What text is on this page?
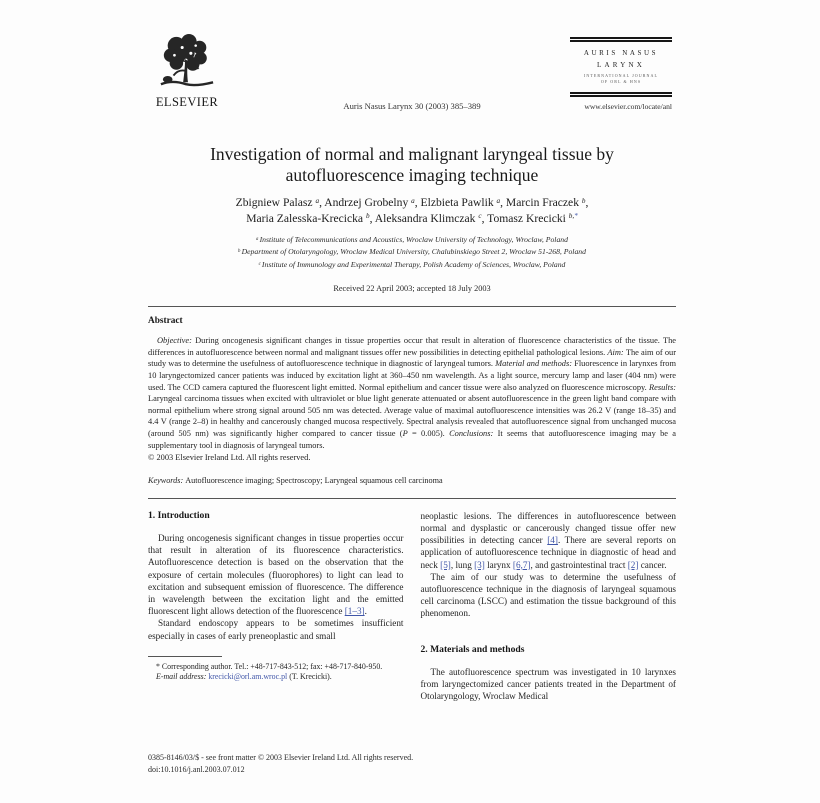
ELSEVIER	Auris Nasus Larynx 30 (2003) 385–389
AURIS NASUS
LARYNX
INTERNATIONAL JOURNAL
OF ORL & HNS
www.elsevier.com/locate/anl
Investigation of normal and malignant laryngeal tissue by autofluorescence imaging technique
Zbigniew Palasz $^a$, Andrzej Grobelny $^a$, Elzbieta Pawlik $^a$, Marcin Fraczek $^b$,
Maria Zalesska-Krecicka $^b$, Aleksandra Klimczak $^c$, Tomasz Krecicki $^{b,*}$
$^a$ Institute of Telecommunications and Acoustics, Wroclaw University of Technology, Wroclaw, Poland
$^b$ Department of Otolaryngology, Wroclaw Medical University, Chalubinskiego Street 2, Wroclaw 51-268, Poland
$^c$ Institute of Immunology and Experimental Therapy, Polish Academy of Sciences, Wroclaw, Poland
Received 22 April 2003; accepted 18 July 2003
Abstract

Objective: During oncogenesis significant changes in tissue properties occur that result in alteration of fluorescence characteristics of the tissue. The differences in autofluorescence between normal and malignant tissues offer new possibilities in detecting epithelial pathological lesions. Aim: The aim of our study was to determine the usefulness of autofluorescence technique in diagnostic of laryngeal tumors. Material and methods: Fluorescence in larynxes from 10 laryngectomized cancer patients was induced by excitation light at 360–450 nm wavelength. As a light source, mercury lamp and laser (404 nm) were used. The CCD camera captured the fluorescent light emitted. Normal epithelium and cancer tissue were also analyzed on fluorescence microscopy. Results: Laryngeal carcinoma tissues when excited with ultraviolet or blue light generate attenuated or absent autofluorescence in the green light band compare with normal epithelium where strong signal around 505 nm was detected. Average value of maximal autofluorescence intensities was 26.2 V (range 18–35) and 4.4 V (range 2–8) in healthy and cancerously changed mucosa respectively. Spectral analysis revealed that autofluorescence signal from unchanged mucosa (around 505 nm) was significantly higher compared to cancer tissue (P = 0.005). Conclusions: It seems that autofluorescence imaging may be a supplementary tool in diagnosis of laryngeal tumors.

© 2003 Elsevier Ireland Ltd. All rights reserved.

Keywords: Autofluorescence imaging; Spectroscopy; Laryngeal squamous cell carcinoma
1. Introduction

During oncogenesis significant changes in tissue properties occur that result in alteration of its fluorescence characteristics. Autofluorescence detection is based on the observation that the exposure of certain molecules (fluorophores) to light can lead to excitation and subsequent emission of fluorescence. The difference in wavelength between the excitation light and the emitted fluorescent light allows detection of the fluorescence [1–3].

Standard endoscopy appears to be sometimes insufficient especially in cases of early preneoplastic and small

* Corresponding author. Tel.: +48-717-843-512; fax: +48-717-840-950.

E-mail address: krecicki@orl.am.wroc.pl (T. Krecicki).

neoplastic lesions. The differences in autofluorescence between normal and dysplastic or cancerously changed tissue offer new possibilities in detecting cancer [4]. There are several reports on application of autofluorescence technique in diagnostic of head and neck [5], lung [3] larynx [6,7], and gastrointestinal tract [2] cancer.

The aim of our study was to determine the usefulness of autofluorescence technique in the diagnosis of laryngeal squamous cell carcinoma (LSCC) and estimation the tissue background of this phenomenon.

2. Materials and methods

The autofluorescence spectrum was investigated in 10 larynxes from laryngectomized cancer patients treated in the Department of Otolaryngology, Wroclaw Medical

0385-8146/03/$ - see front matter © 2003 Elsevier Ireland Ltd. All rights reserved.
doi:10.1016/j.anl.2003.07.012
